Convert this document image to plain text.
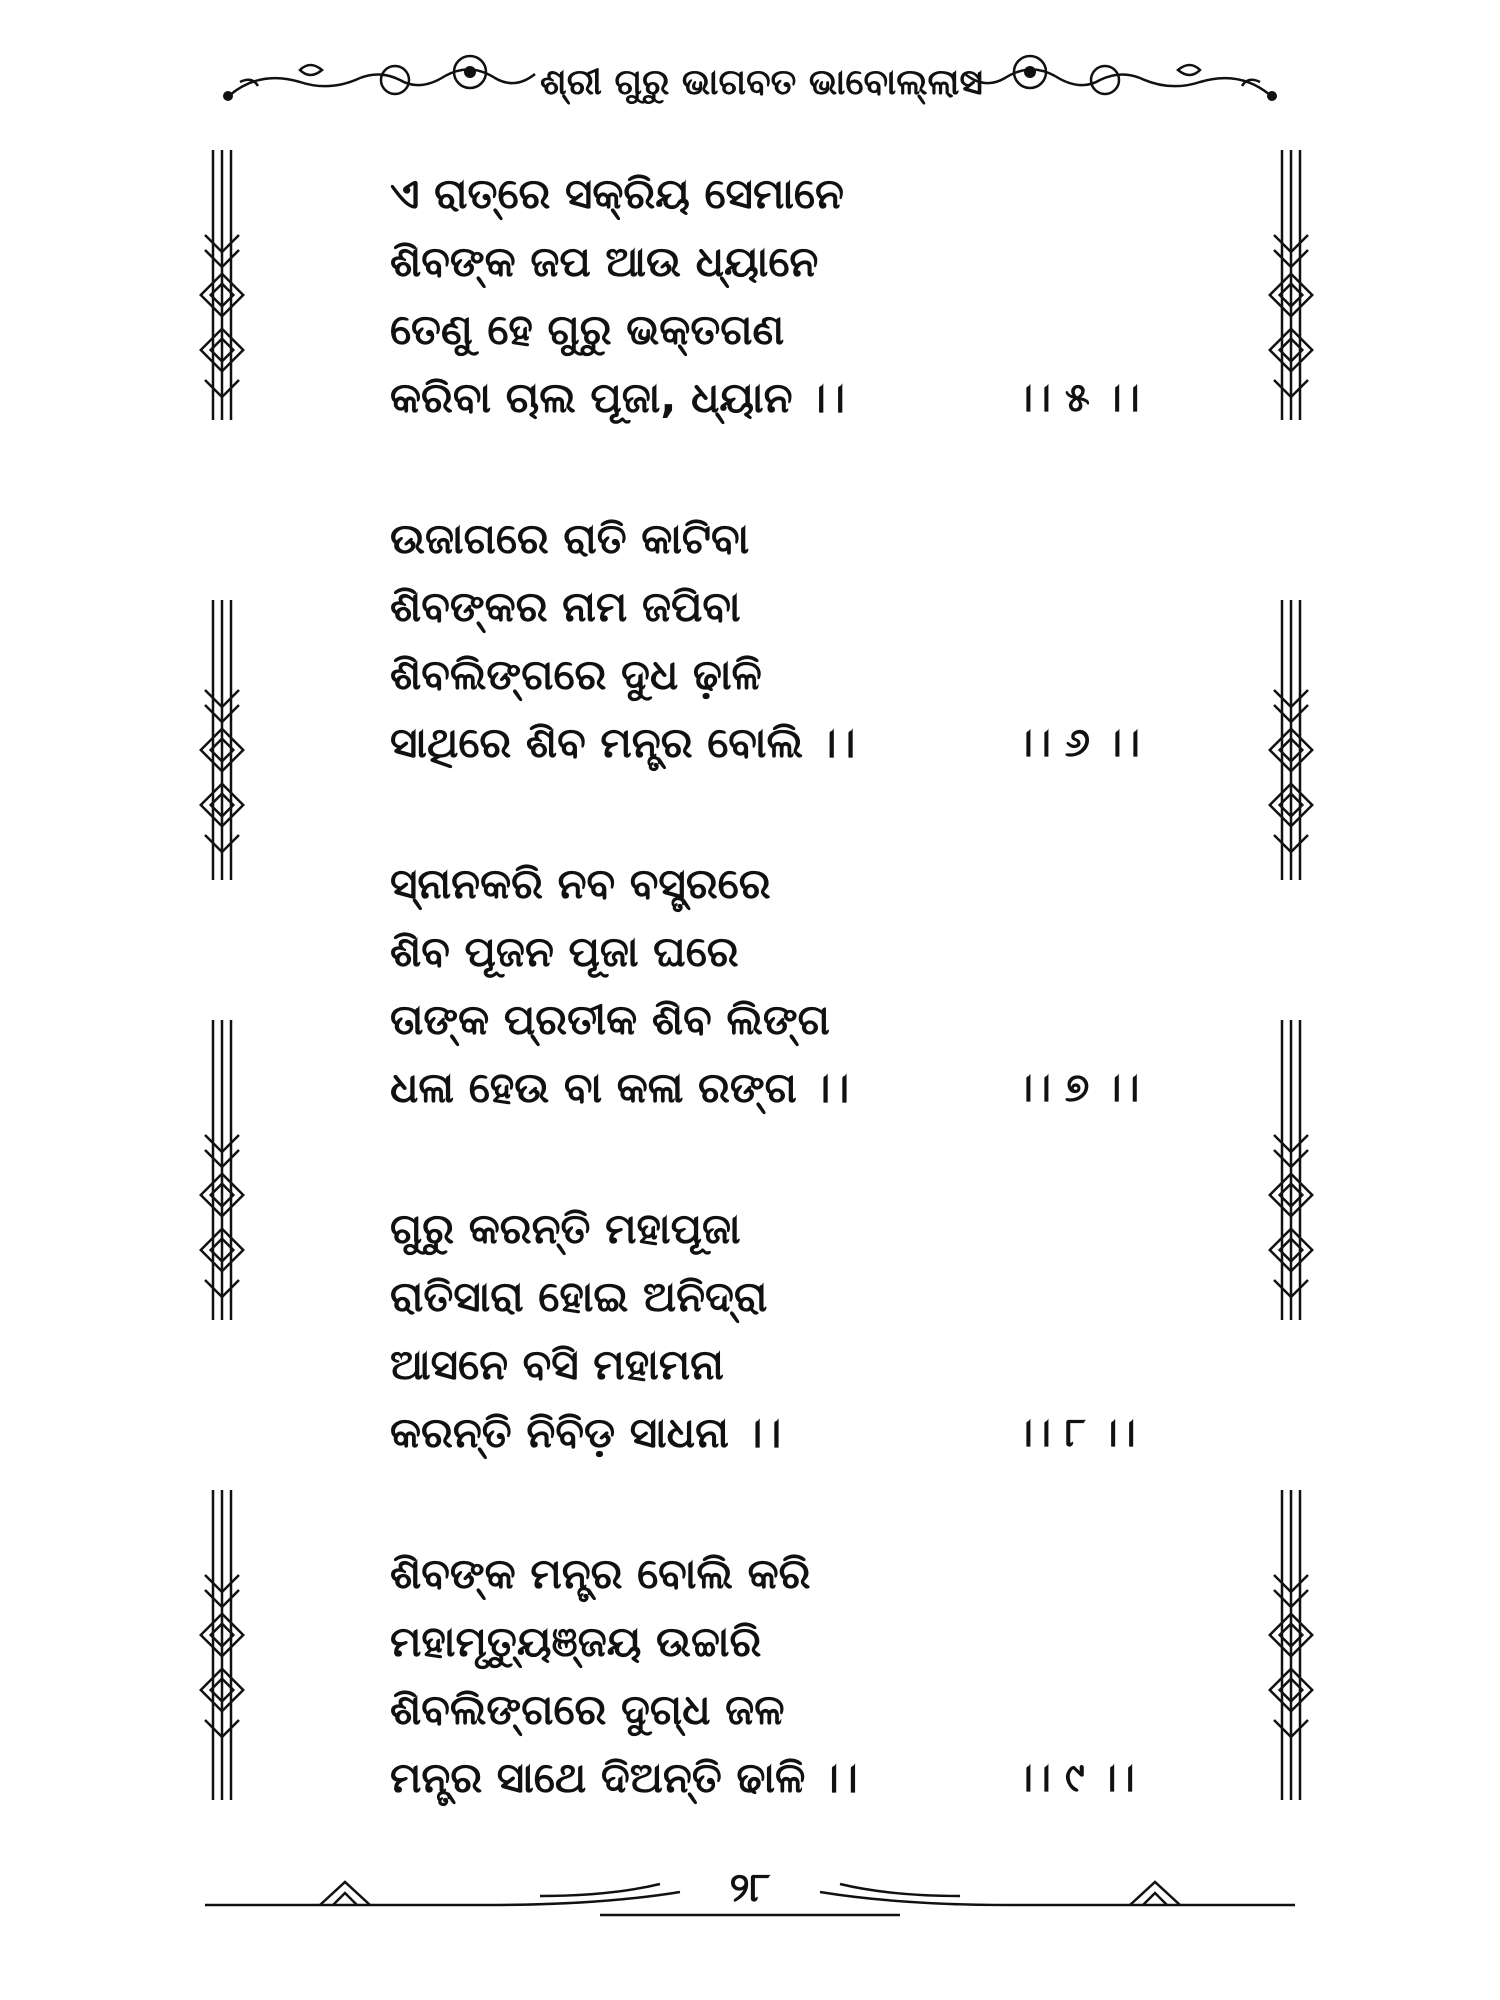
ଶ୍ରୀ ଗୁରୁ ଭାଗବତ ଭାବୋଲ୍ଲାସ
ଏ ରାତ୍ରେ ସକ୍ରିୟ ସେମାନେ
ଶିବଙ୍କ ଜପ ଆଉ ଧ୍ୟାନେ
ତେଣୁ ହେ ଗୁରୁ ଭକ୍ତଗଣ
କରିବା ଚାଲ ପୂଜା, ଧ୍ୟାନ ।।	।। ୫ ।।
ଉଜାଗରେ ରାତି କାଟିବା
ଶିବଙ୍କର ନାମ ଜପିବା
ଶିବଲିଙ୍ଗରେ ଦୁଧ ଢ଼ାଳି
ସାଥିରେ ଶିବ ମନ୍ତ୍ର ବୋଲି ।।	।। ୬ ।।
ସ୍ନାନକରି ନବ ବସ୍ତ୍ରରେ
ଶିବ ପୂଜନ ପୂଜା ଘରେ
ତାଙ୍କ ପ୍ରତୀକ ଶିବ ଲିଙ୍ଗ
ଧଳା ହେଉ ବା କଳା ରଙ୍ଗ ।।	।। ୭ ।।
ଗୁରୁ କରନ୍ତି ମହାପୂଜା
ରାତିସାରା ହୋଇ ଅନିଦ୍ରା
ଆସନେ ବସି ମହାମନା
କରନ୍ତି ନିବିଡ଼ ସାଧନା ।।	।। ୮ ।।
ଶିବଙ୍କ ମନ୍ତ୍ର ବୋଲି କରି
ମହାମୃତ୍ୟୁଞ୍ଜୟ ଉଚ୍ଚାରି
ଶିବଲିଙ୍ଗରେ ଦୁଗ୍ଧ ଜଳ
ମନ୍ତ୍ର ସାଥେ ଦିଅନ୍ତି ଢାଳି ।।	।। ୯ ।।
୨୮
